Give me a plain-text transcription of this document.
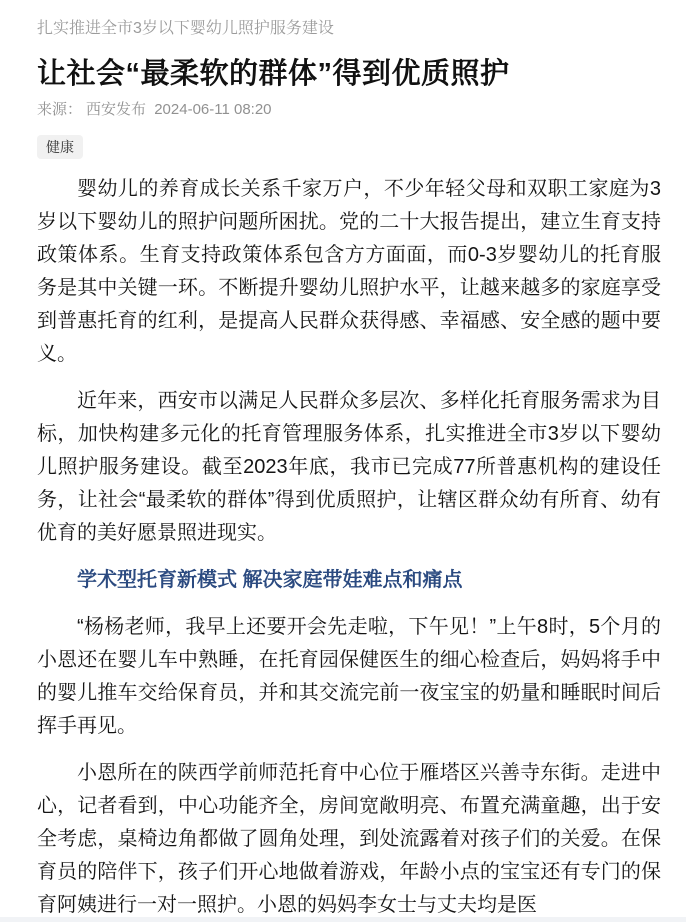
扎实推进全市3岁以下婴幼儿照护服务建设
让社会“最柔软的群体”得到优质照护
来源： 西安发布 2024-06-11 08:20
健康

婴幼儿的养育成长关系千家万户，不少年轻父母和双职工家庭为3岁以下婴幼儿的照护问题所困扰。党的二十大报告提出，建立生育支持政策体系。生育支持政策体系包含方方面面，而0-3岁婴幼儿的托育服务是其中关键一环。不断提升婴幼儿照护水平，让越来越多的家庭享受到普惠托育的红利，是提高人民群众获得感、幸福感、安全感的题中要义。

近年来，西安市以满足人民群众多层次、多样化托育服务需求为目标，加快构建多元化的托育管理服务体系，扎实推进全市3岁以下婴幼儿照护服务建设。截至2023年底，我市已完成77所普惠机构的建设任务，让社会“最柔软的群体”得到优质照护，让辖区群众幼有所育、幼有优育的美好愿景照进现实。

学术型托育新模式 解决家庭带娃难点和痛点

“杨杨老师，我早上还要开会先走啦，下午见！”上午8时，5个月的小恩还在婴儿车中熟睡，在托育园保健医生的细心检查后，妈妈将手中的婴儿推车交给保育员，并和其交流完前一夜宝宝的奶量和睡眠时间后挥手再见。

小恩所在的陕西学前师范托育中心位于雁塔区兴善寺东街。走进中心，记者看到，中心功能齐全，房间宽敞明亮、布置充满童趣，出于安全考虑，桌椅边角都做了圆角处理，到处流露着对孩子们的关爱。在保育员的陪伴下，孩子们开心地做着游戏，年龄小点的宝宝还有专门的保育阿姨进行一对一照护。小恩的妈妈李女士与丈夫均是医
